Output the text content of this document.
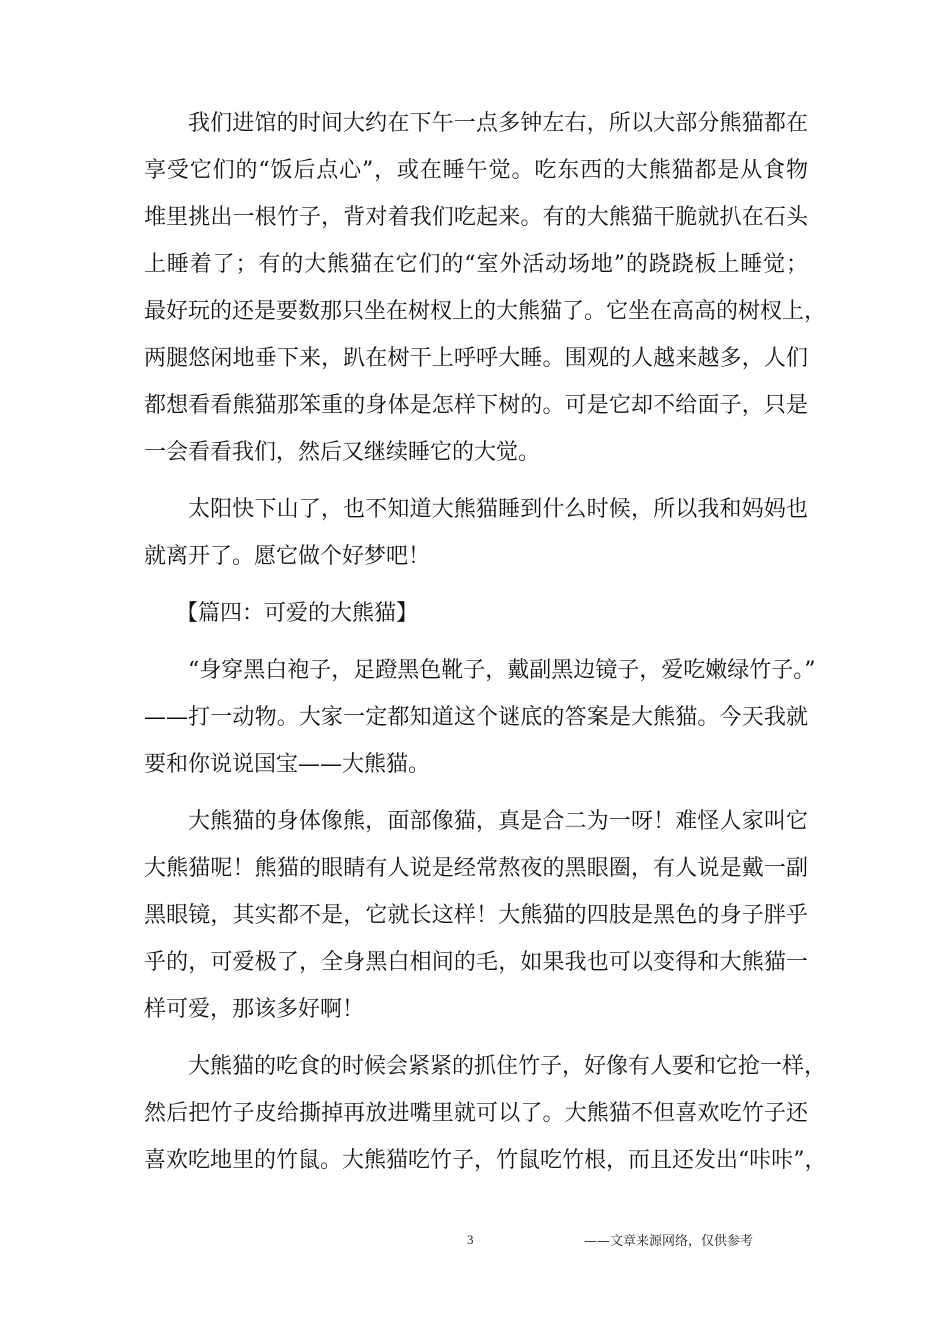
我们进馆的时间大约在下午一点多钟左右，所以大部分熊猫都在
享受它们的“饭后点心”，或在睡午觉。吃东西的大熊猫都是从食物
堆里挑出一根竹子，背对着我们吃起来。有的大熊猫干脆就扒在石头
上睡着了；有的大熊猫在它们的“室外活动场地”的跷跷板上睡觉；
最好玩的还是要数那只坐在树杈上的大熊猫了。它坐在高高的树杈上，
两腿悠闲地垂下来，趴在树干上呼呼大睡。围观的人越来越多，人们
都想看看熊猫那笨重的身体是怎样下树的。可是它却不给面子，只是
一会看看我们，然后又继续睡它的大觉。
太阳快下山了，也不知道大熊猫睡到什么时候，所以我和妈妈也
就离开了。愿它做个好梦吧！
【篇四：可爱的大熊猫】
“身穿黑白袍子，足蹬黑色靴子，戴副黑边镜子，爱吃嫩绿竹子。”
——打一动物。大家一定都知道这个谜底的答案是大熊猫。今天我就
要和你说说国宝——大熊猫。
大熊猫的身体像熊，面部像猫，真是合二为一呀！难怪人家叫它
大熊猫呢！熊猫的眼睛有人说是经常熬夜的黑眼圈，有人说是戴一副
黑眼镜，其实都不是，它就长这样！大熊猫的四肢是黑色的身子胖乎
乎的，可爱极了，全身黑白相间的毛，如果我也可以变得和大熊猫一
样可爱，那该多好啊！
大熊猫的吃食的时候会紧紧的抓住竹子，好像有人要和它抢一样，
然后把竹子皮给撕掉再放进嘴里就可以了。大熊猫不但喜欢吃竹子还
喜欢吃地里的竹鼠。大熊猫吃竹子，竹鼠吃竹根，而且还发出“咔咔”，
3	——文章来源网络，仅供参考
